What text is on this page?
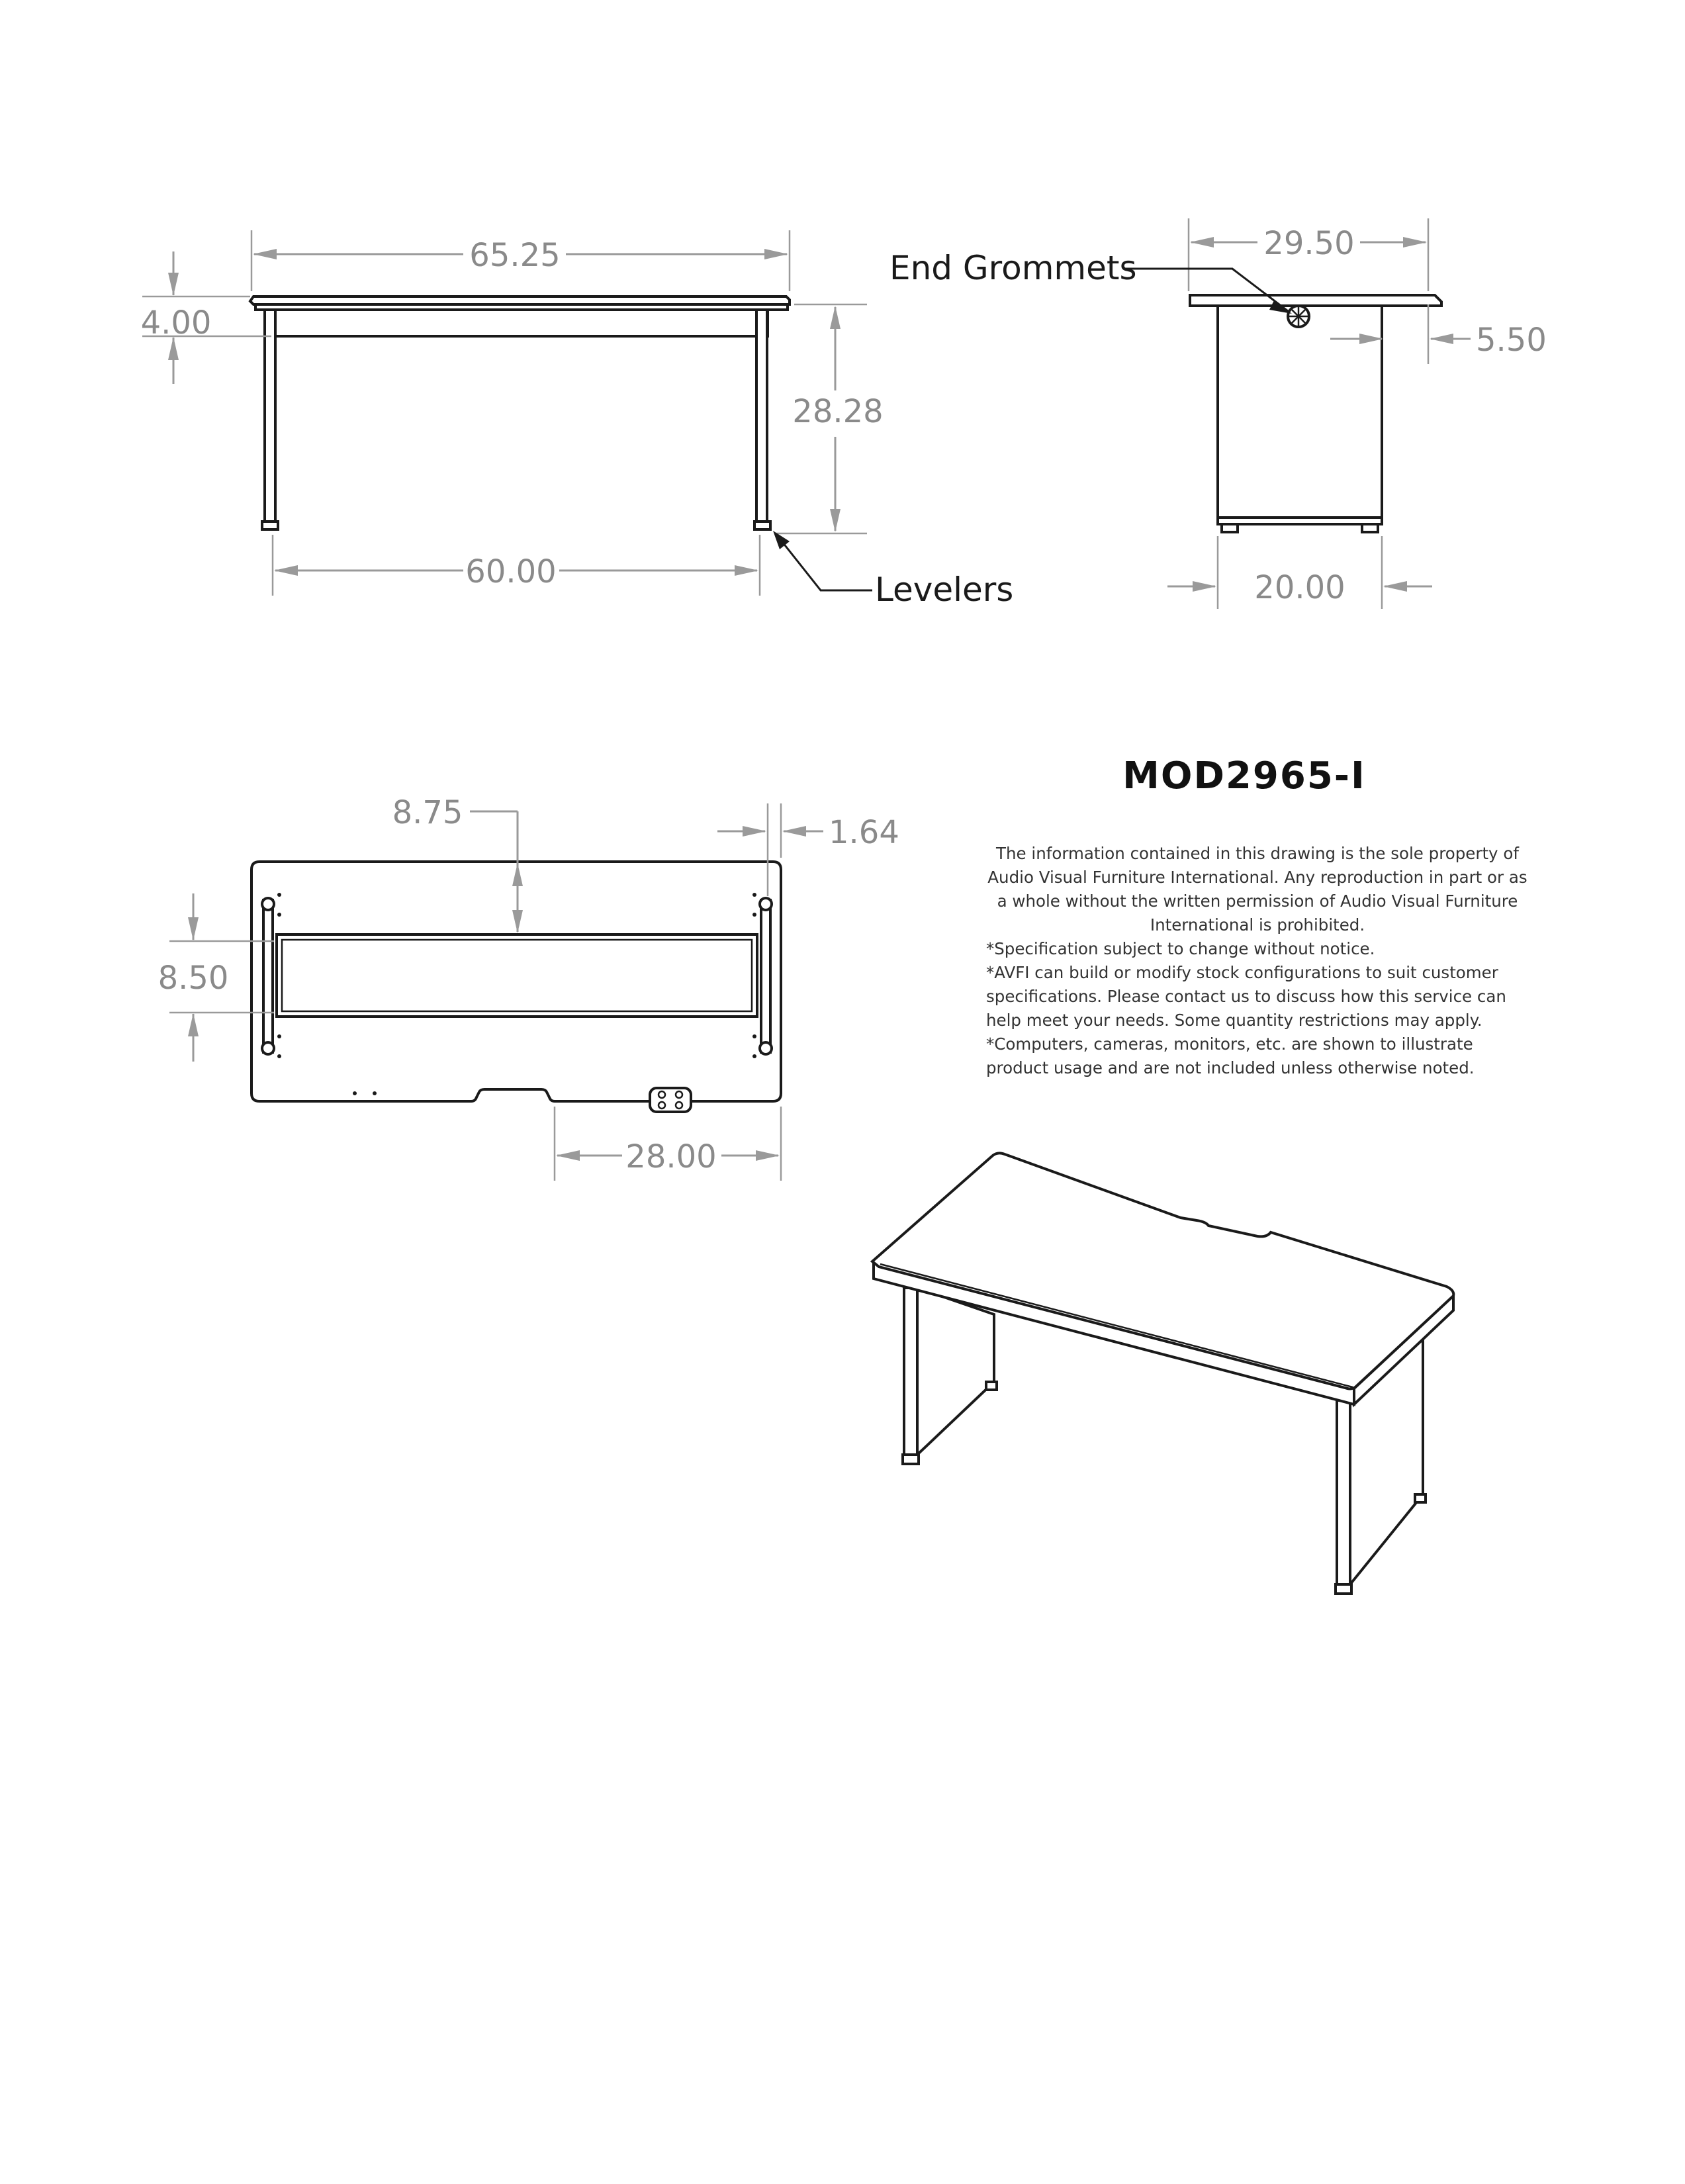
65.25
4.00
28.28
60.00	Levelers
29.50
5.50
End Grommets
20.00
8.75
1.64
8.50
28.00
MOD2965-I
The information contained in this drawing is the sole property of Audio Visual Furniture International. Any reproduction in part or as a whole without the written permission of Audio Visual Furniture International is prohibited.
*Specification subject to change without notice.
*AVFI can build or modify stock configurations to suit customer specifications. Please contact us to discuss how this service can help meet your needs. Some quantity restrictions may apply.
*Computers, cameras, monitors, etc. are shown to illustrate product usage and are not included unless otherwise noted.
